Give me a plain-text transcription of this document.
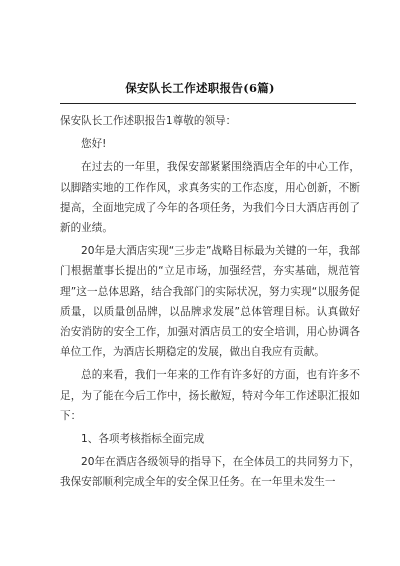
保安队长工作述职报告(6篇)

保安队长工作述职报告1尊敬的领导：

您好!

在过去的一年里，我保安部紧紧围绕酒店全年的中心工作，以脚踏实地的工作作风，求真务实的工作态度，用心创新，不断提高，全面地完成了今年的各项任务，为我们今日大酒店再创了新的业绩。

20年是大酒店实现“三步走”战略目标最为关键的一年，我部门根据董事长提出的“立足市场，加强经营，夯实基础，规范管理”这一总体思路，结合我部门的实际状况，努力实现“以服务促质量，以质量创品牌，以品牌求发展”总体管理目标。认真做好治安消防的安全工作，加强对酒店员工的安全培训，用心协调各单位工作，为酒店长期稳定的发展，做出自我应有贡献。

总的来看，我们一年来的工作有许多好的方面，也有许多不足，为了能在今后工作中，扬长敝短，特对今年工作述职汇报如下：

1、各项考核指标全面完成

20年在酒店各级领导的指导下，在全体员工的共同努力下，我保安部顺利完成全年的安全保卫任务。在一年里未发生一
